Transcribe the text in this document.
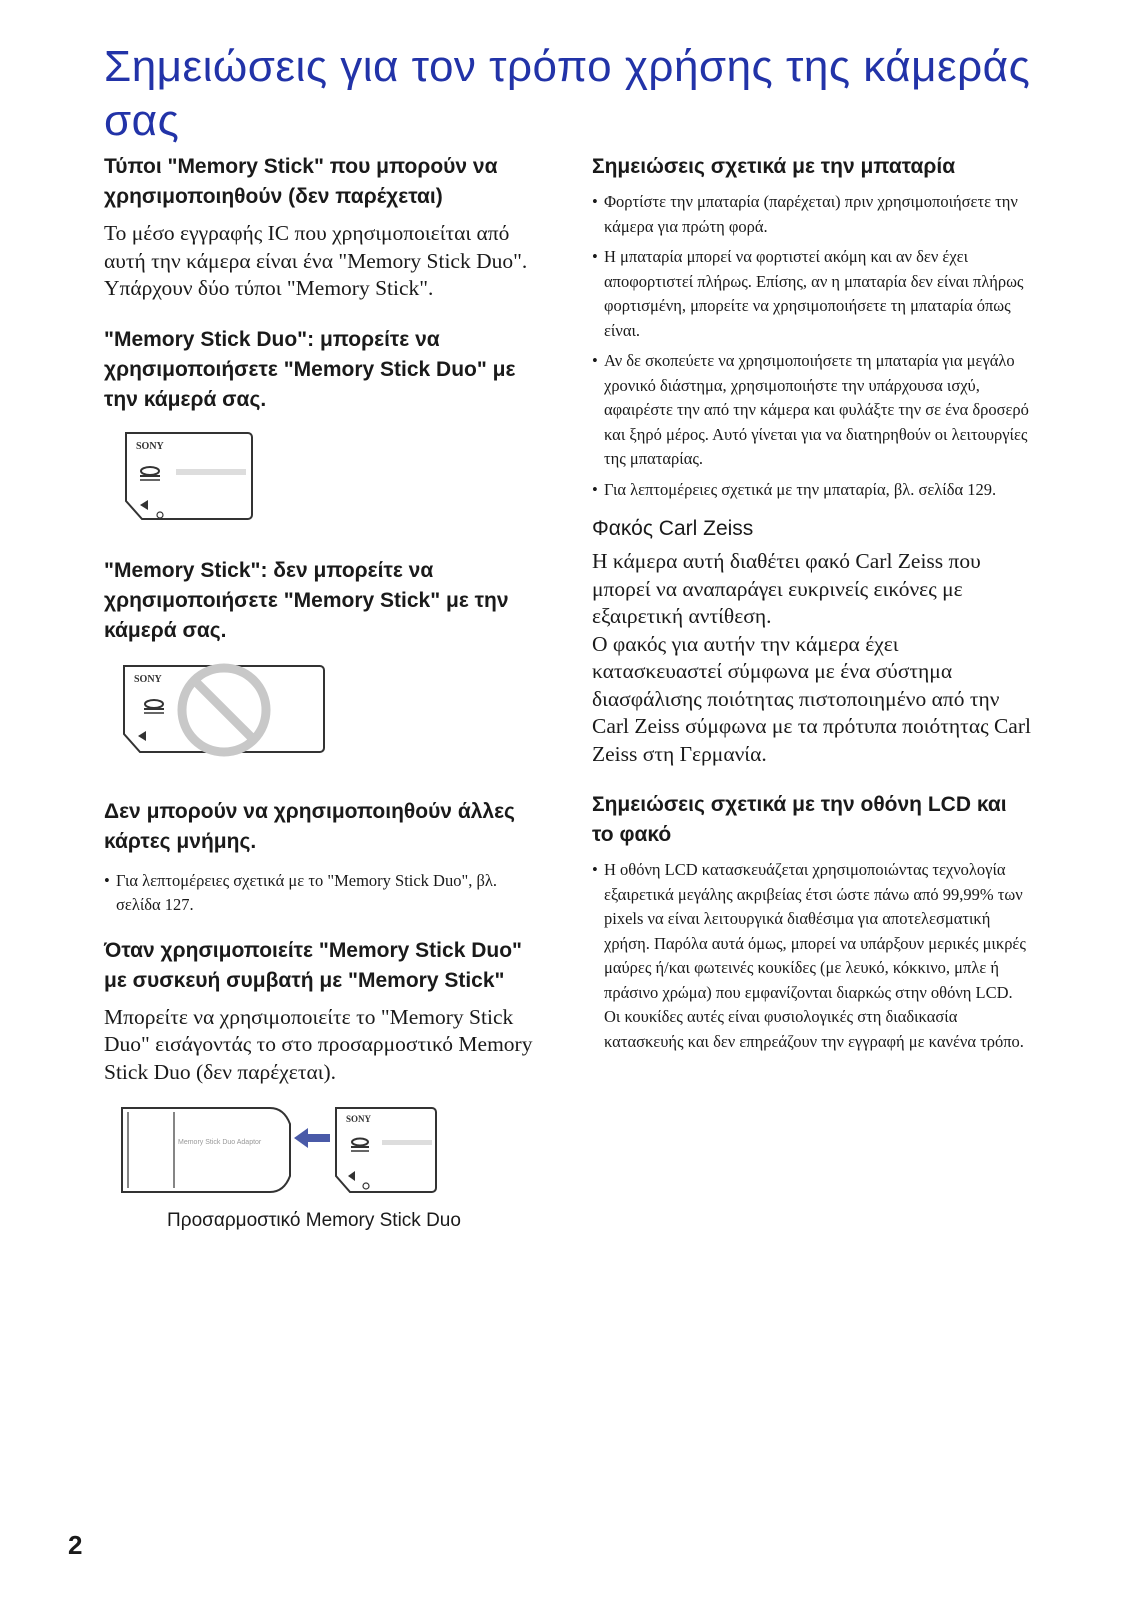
Σημειώσεις για τον τρόπο χρήσης της κάμεράς σας
Τύποι "Memory Stick" που μπορούν να χρησιμοποιηθούν (δεν παρέχεται)

Το μέσο εγγραφής IC που χρησιμοποιείται από αυτή την κάμερα είναι ένα "Memory Stick Duo". Υπάρχουν δύο τύποι "Memory Stick".

"Memory Stick Duo": μπορείτε να χρησιμοποιήσετε "Memory Stick Duo" με την κάμερά σας.
SONY
"Memory Stick": δεν μπορείτε να χρησιμοποιήσετε "Memory Stick" με την κάμερά σας.
SONY
Δεν μπορούν να χρησιμοποιηθούν άλλες κάρτες μνήμης.
• Για λεπτομέρειες σχετικά με το "Memory Stick Duo", βλ. σελίδα 127.
Όταν χρησιμοποιείτε "Memory Stick Duo" με συσκευή συμβατή με "Memory Stick"

Μπορείτε να χρησιμοποιείτε το "Memory Stick Duo" εισάγοντάς το στο προσαρμοστικό Memory Stick Duo (δεν παρέχεται).

Memory Stick Duo Adaptor
SONY
Προσαρμοστικό Memory Stick Duo
Σημειώσεις σχετικά με την μπαταρία
• Φορτίστε την μπαταρία (παρέχεται) πριν χρησιμοποιήσετε την κάμερα για πρώτη φορά.
• Η μπαταρία μπορεί να φορτιστεί ακόμη και αν δεν έχει αποφορτιστεί πλήρως. Επίσης, αν η μπαταρία δεν είναι πλήρως φορτισμένη, μπορείτε να χρησιμοποιήσετε τη μπαταρία όπως είναι.
• Αν δε σκοπεύετε να χρησιμοποιήσετε τη μπαταρία για μεγάλο χρονικό διάστημα, χρησιμοποιήστε την υπάρχουσα ισχύ, αφαιρέστε την από την κάμερα και φυλάξτε την σε ένα δροσερό και ξηρό μέρος. Αυτό γίνεται για να διατηρηθούν οι λειτουργίες της μπαταρίας.
• Για λεπτομέρειες σχετικά με την μπαταρία, βλ. σελίδα 129.
Φακός Carl Zeiss

Η κάμερα αυτή διαθέτει φακό Carl Zeiss που μπορεί να αναπαράγει ευκρινείς εικόνες με εξαιρετική αντίθεση.

Ο φακός για αυτήν την κάμερα έχει κατασκευαστεί σύμφωνα με ένα σύστημα διασφάλισης ποιότητας πιστοποιημένο από την Carl Zeiss σύμφωνα με τα πρότυπα ποιότητας Carl Zeiss στη Γερμανία.

Σημειώσεις σχετικά με την οθόνη LCD και το φακό
• Η οθόνη LCD κατασκευάζεται χρησιμοποιώντας τεχνολογία εξαιρετικά μεγάλης ακριβείας έτσι ώστε πάνω από 99,99% των pixels να είναι λειτουργικά διαθέσιμα για αποτελεσματική χρήση. Παρόλα αυτά όμως, μπορεί να υπάρξουν μερικές μικρές μαύρες ή/και φωτεινές κουκίδες (με λευκό, κόκκινο, μπλε ή πράσινο χρώμα) που εμφανίζονται διαρκώς στην οθόνη LCD. Οι κουκίδες αυτές είναι φυσιολογικές στη διαδικασία κατασκευής και δεν επηρεάζουν την εγγραφή με κανένα τρόπο.
2
